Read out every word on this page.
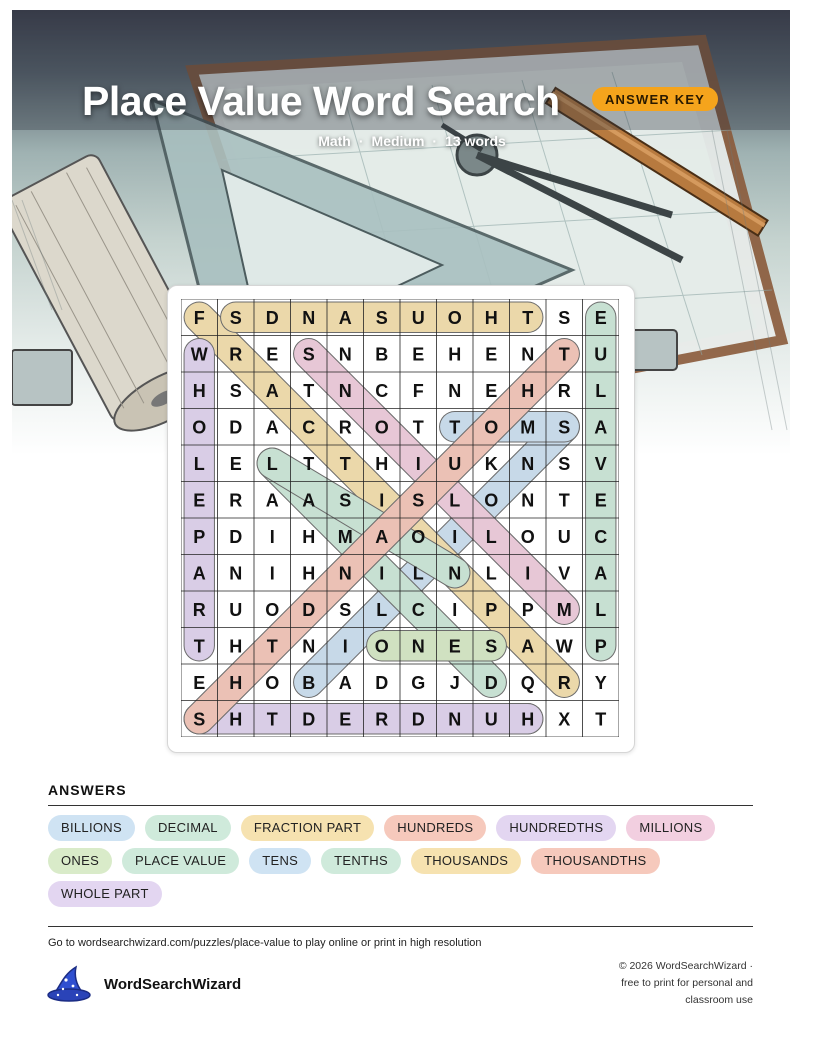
Place Value Word Search	ANSWER KEY
Math · Medium · 13 words
F S D N A S U O H T S E
W R E S N B E H E N T U
H S A T N C F N E H R L
O D A C R O T T O M S A
L E L T T H I U K N S V
E R A A S I S L O N T E
P D I H M A O I L O U C
A N I H N I L N L I V A
R U O D S L C I P P M L
T H T N I O N E S A W P
E H O B A D G J D Q R Y
S H T D E R D N U H X T
ANSWERS
BILLIONS	DECIMAL	FRACTION PART	HUNDREDS	HUNDREDTHS	MILLIONS
ONES	PLACE VALUE	TENS	TENTHS	THOUSANDS	THOUSANDTHS
WHOLE PART
Go to wordsearchwizard.com/puzzles/place-value to play online or print in high resolution
WordSearchWizard
© 2026 WordSearchWizard ·
free to print for personal and
classroom use
